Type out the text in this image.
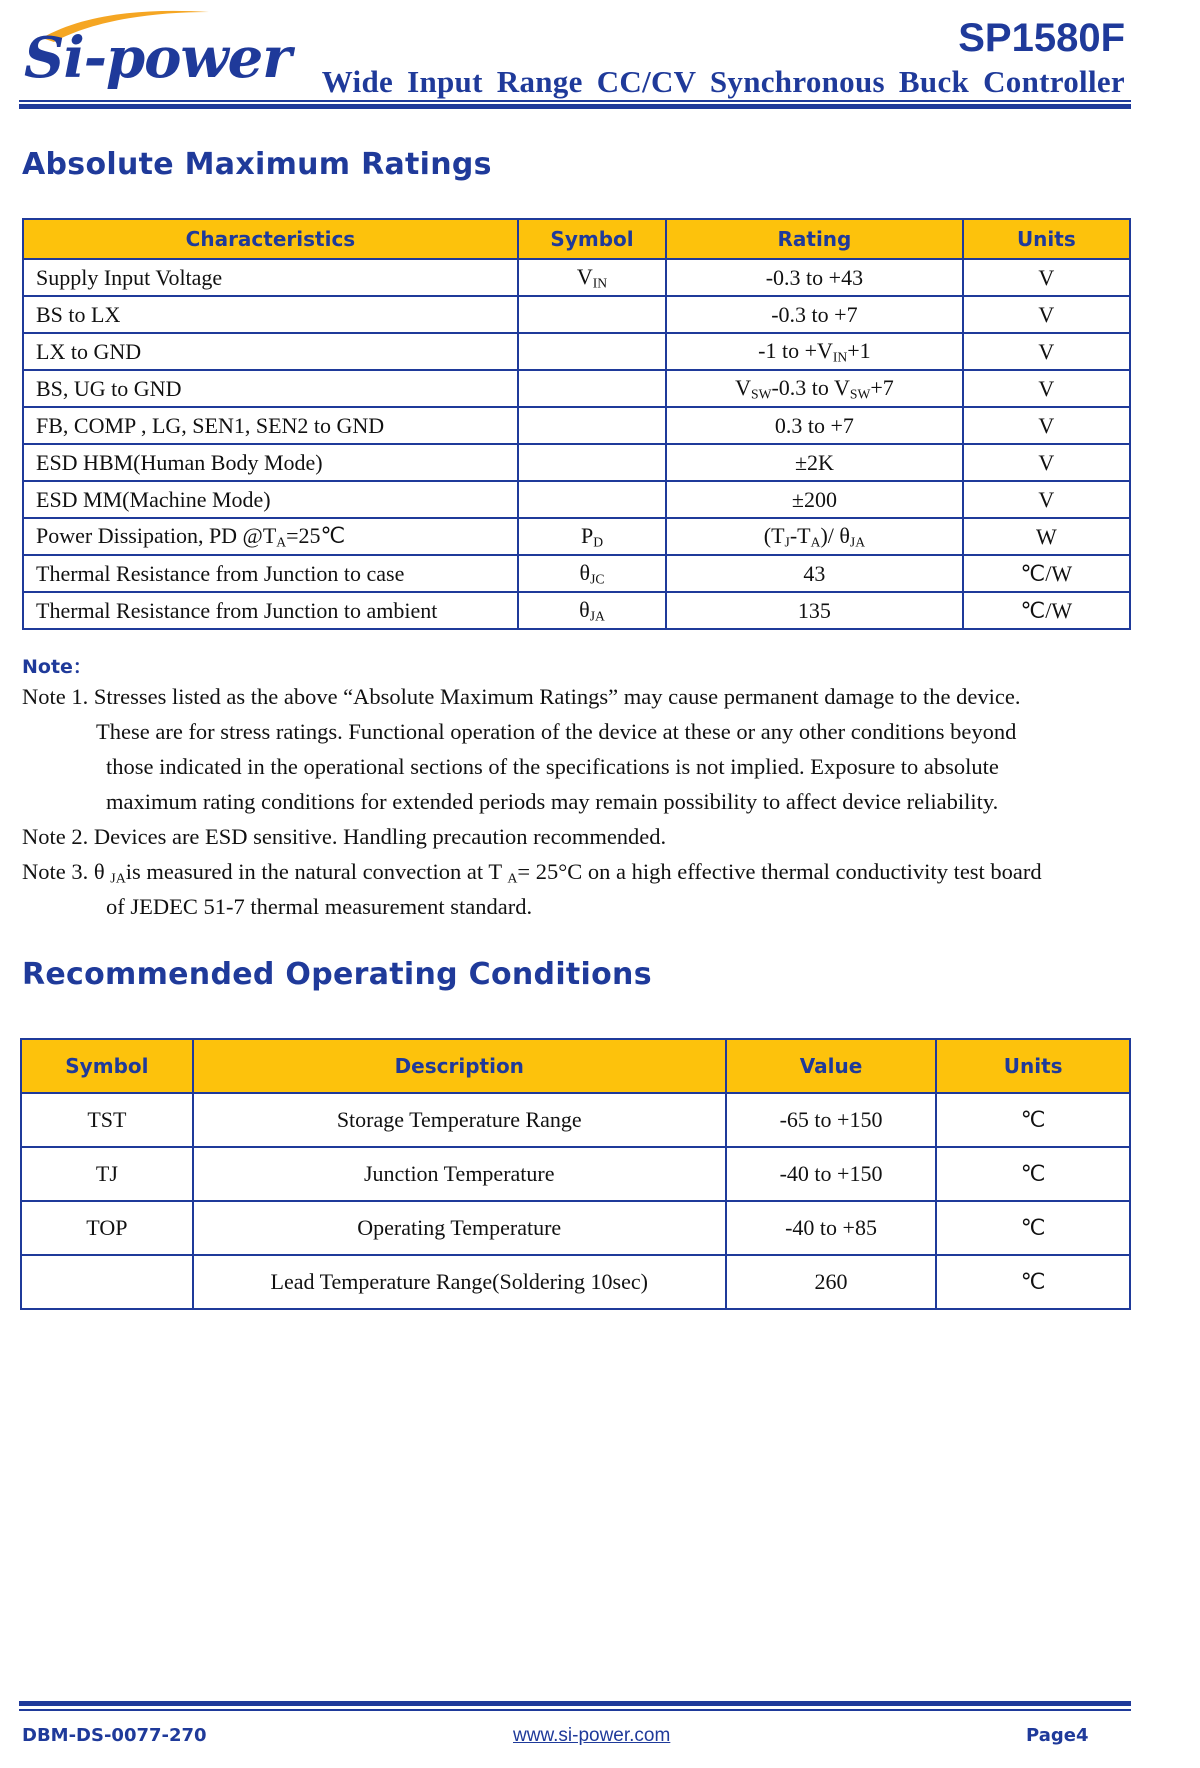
Si-power	SP1580F
Wide Input Range CC/CV Synchronous Buck Controller
Absolute Maximum Ratings
Characteristics	Symbol	Rating	Units
Supply Input Voltage	$V_{IN}$	-0.3 to +43	V
BS to LX		-0.3 to +7	V
LX to GND		-1 to $+V_{IN}+1$	V
BS, UG to GND		$V_{SW}-0.3$ to $V_{SW}+7$	V
FB, COMP , LG, SEN1, SEN2 to GND		0.3 to +7	V
ESD HBM(Human Body Mode)		±2K	V
ESD MM(Machine Mode)		±200	V
Power Dissipation, PD $@T_A=25℃$	$P_D$	$(T_J-T_A)/$ $\theta_{JA}$	W
Thermal Resistance from Junction to case	$\theta_{JC}$	43	℃/W
Thermal Resistance from Junction to ambient	$\theta_{JA}$	135	℃/W
Note：
Note 1. Stresses listed as the above “Absolute Maximum Ratings” may cause permanent damage to the device.
These are for stress ratings. Functional operation of the device at these or any other conditions beyond
those indicated in the operational sections of the specifications is not implied. Exposure to absolute
maximum rating conditions for extended periods may remain possibility to affect device reliability.
Note 2. Devices are ESD sensitive. Handling precaution recommended.
Note 3. θ $_{JA}$is measured in the natural convection at T $_A$= 25°C on a high effective thermal conductivity test board
of JEDEC 51-7 thermal measurement standard.
Recommended Operating Conditions
Symbol	Description	Value	Units
TST	Storage Temperature Range	-65 to +150	℃
TJ	Junction Temperature	-40 to +150	℃
TOP	Operating Temperature	-40 to +85	℃
	Lead Temperature Range(Soldering 10sec)	260	℃
DBM-DS-0077-270	www.si-power.com	Page4
